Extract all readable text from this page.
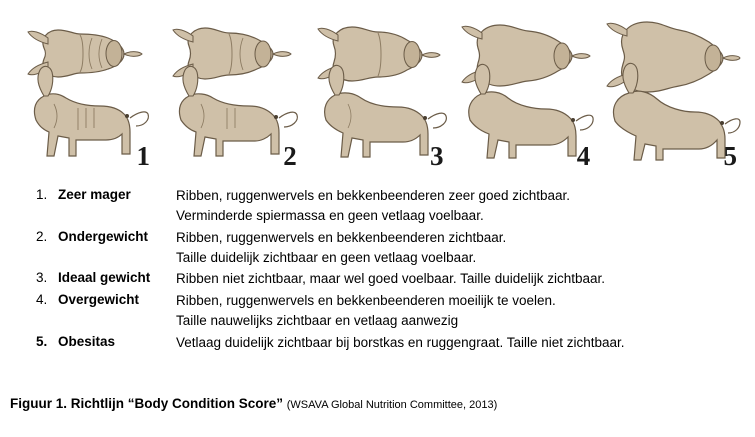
1	2	3	4	5
1. Zeer mager	Ribben, ruggenwervels en bekkenbeenderen zeer goed zichtbaar.
Verminderde spiermassa en geen vetlaag voelbaar.
2. Ondergewicht	Ribben, ruggenwervels en bekkenbeenderen zichtbaar.
Taille duidelijk zichtbaar en geen vetlaag voelbaar.
3. Ideaal gewicht	Ribben niet zichtbaar, maar wel goed voelbaar. Taille duidelijk zichtbaar.
4. Overgewicht	Ribben, ruggenwervels en bekkenbeenderen moeilijk te voelen.
Taille nauwelijks zichtbaar en vetlaag aanwezig
5. Obesitas	Vetlaag duidelijk zichtbaar bij borstkas en ruggengraat. Taille niet zichtbaar.
Figuur 1. Richtlijn “Body Condition Score” (WSAVA Global Nutrition Committee, 2013)
